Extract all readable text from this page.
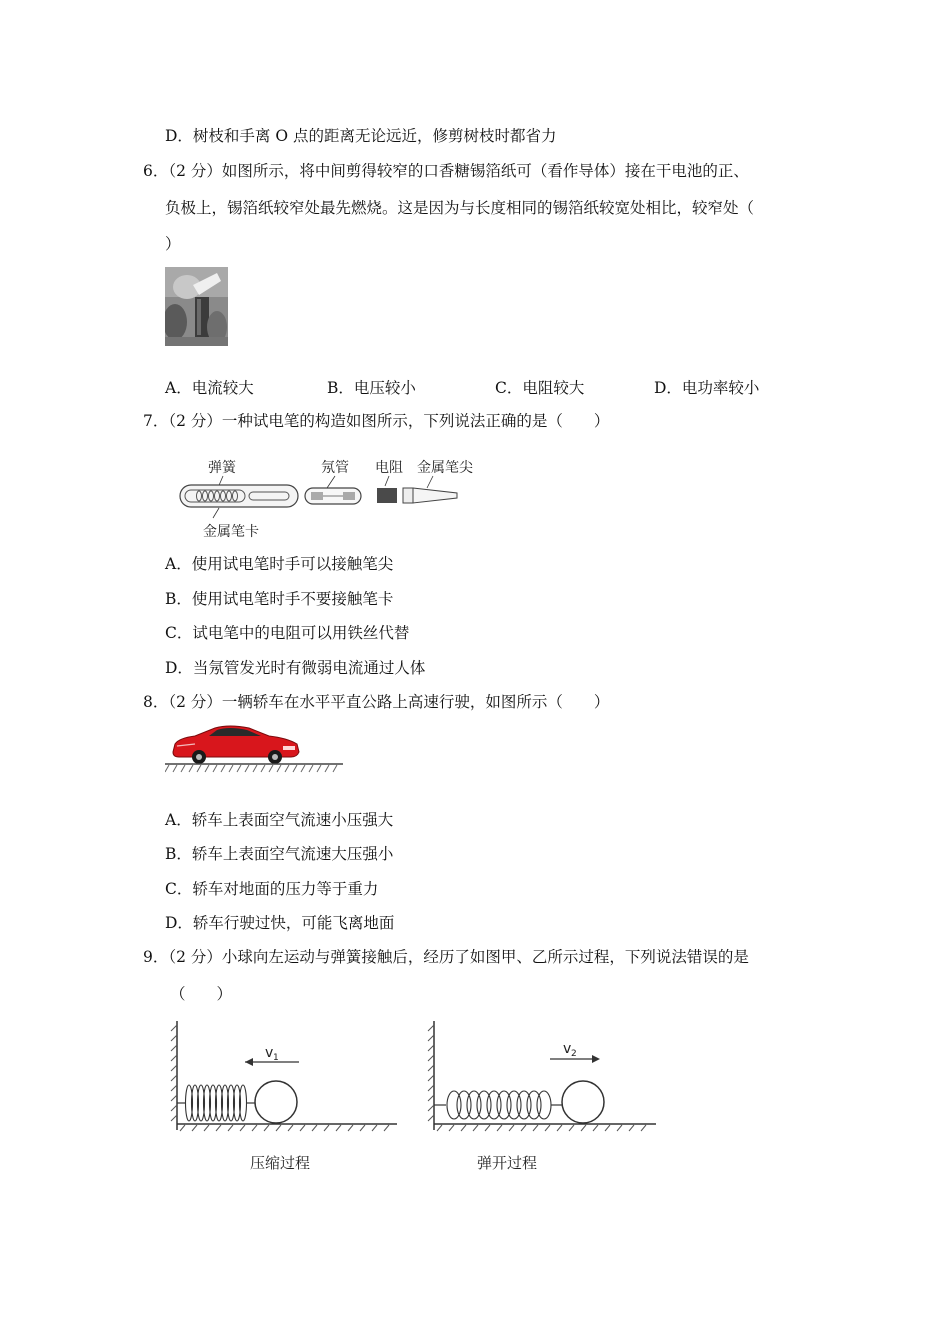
D．树枝和手离 O 点的距离无论远近，修剪树枝时都省力
6．（2 分）如图所示，将中间剪得较窄的口香糖锡箔纸可（看作导体）接在干电池的正、
负极上，锡箔纸较窄处最先燃烧。这是因为与长度相同的锡箔纸较宽处相比，较窄处（
）
A．电流较大	B．电压较小	C．电阻较大	D．电功率较小
7．（2 分）一种试电笔的构造如图所示，下列说法正确的是（　　）
弹簧	氖管 电阻 金属笔尖
金属笔卡
A．使用试电笔时手可以接触笔尖
B．使用试电笔时手不要接触笔卡
C．试电笔中的电阻可以用铁丝代替
D．当氖管发光时有微弱电流通过人体
8．（2 分）一辆轿车在水平平直公路上高速行驶，如图所示（　　）
A．轿车上表面空气流速小压强大
B．轿车上表面空气流速大压强小
C．轿车对地面的压力等于重力
D．轿车行驶过快，可能飞离地面
9．（2 分）小球向左运动与弹簧接触后，经历了如图甲、乙所示过程，下列说法错误的是
（　　）
v 1
压缩过程
v 2
弹开过程
